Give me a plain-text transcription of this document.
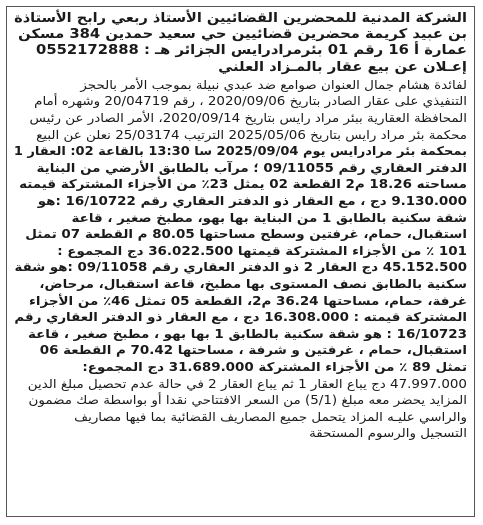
الشركة المدنية للمحضرين القضائيين الأستاذ ربعي رابح الأستاذة
بن عبيد كريمة محضرين قضائيين حي سعيد حمدين 384 مسكن
عمارة أ 16 رقم 01 بئرمرادرايس الجزائر هـ : 0552172888
إعـلان عن بيع عقار بالمـزاد العلني
لفائدة هشام جمال العنوان صوامع ضد عبدي نبيلة بموجب الأمر بالحجز
التنفيذي على عقار الصادر بتاريخ 2020/09/06 ، رقم 20/04719 وشهره أمام
المحافظة العقارية ببئر مراد رايس بتاريخ 2020/09/14، الأمر الصادر عن رئيس
محكمة بئر مراد رايس بتاريخ 2025/05/06 الترتيب 25/03174 نعلن عن البيع
بمحكمة بئر مرادرايس يوم 2025/09/04 سا 13:30 بالقاعة 02: العقار 1
الدفتر العقاري رقم 09/11055 ؛ مرآب بالطابق الأرضي من البناية
مساحته 18.26 م2 القطعة 02 يمثل 23٪ من الأجزاء المشتركة قيمته
9.130.000 دج ، مع العقار ذو الدفتر العقاري رقم 16/10722 :هو
شقة سكنية بالطابق 1 من البناية بها بهو، مطبخ صغير ، قاعة
استقبال، حمام، غرفتين وسطح مساحتها 80.05 م القطعة 07 تمثل
101 ٪ من الأجزاء المشتركة قيمتها 36.022.500 دج المجموع :
45.152.500 دج العقار 2 ذو الدفتر العقاري رقم 09/11058 :هو شقة
سكنية بالطابق نصف المستوى بها مطبخ، قاعة استقبال، مرحاض،
غرفة، حمام، مساحتها 36.24 م2، القطعة 05 تمثل 46٪ من الأجزاء
المشتركة قيمته : 16.308.000 دج ، مع العقار ذو الدفتر العقاري رقم
16/10723 : هو شقة سكنية بالطابق 1 بها بهو ، مطبخ صغير ، قاعة
استقبال، حمام ، غرفتين و شرفة ، مساحتها 70.42 م القطعة 06
تمثل 89 ٪ من الأجزاء المشتركة 31.689.000 دج المجموع:
47.997.000 دج يباع العقار 1 ثم يباع العقار 2 في حالة عدم تحصيل مبلغ الدين
المزايد يحضر معه مبلغ (5/1) من السعر الافتتاحي نقدا أو بواسطة صك مضمون
والراسي عليـه المزاد يتحمل جميع المصاريف القضائية بما فيها مصاريف
التسجيل والرسوم المستحقة
